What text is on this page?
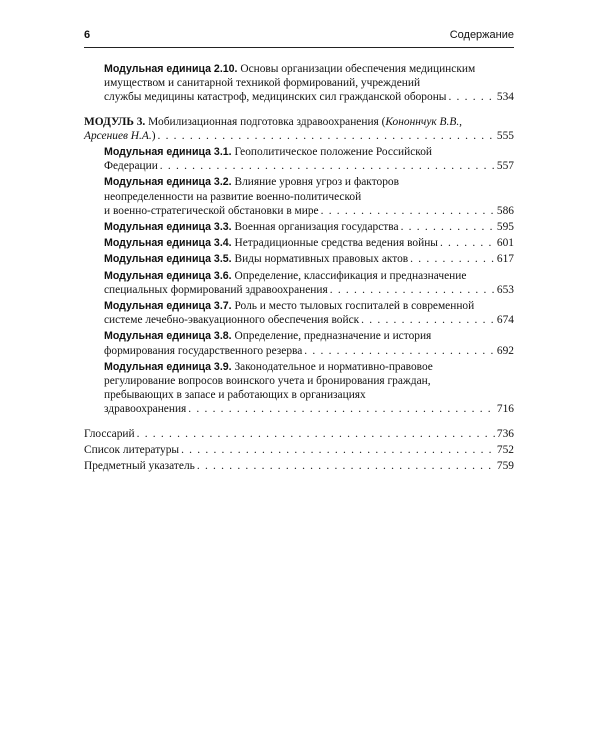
6	Содержание
Модульная единица 2.10. Основы организации обеспечения медицинским
имуществом и санитарной техникой формирований, учреждений
службы медицины катастроф, медицинских сил гражданской обороны . . .	534
МОДУЛЬ 3. Мобилизационная подготовка здравоохранения (Кононнчук В.В.,
Арсениев Н.А.) . . .	555
Модульная единица 3.1. Геополитическое положение Российской
Федерации . . .	557
Модульная единица 3.2. Влияние уровня угроз и факторов
неопределенности на развитие военно-политической
и военно-стратегической обстановки в мире . . .	586
Модульная единица 3.3. Военная организация государства . . .	595
Модульная единица 3.4. Нетрадиционные средства ведения войны . . .	601
Модульная единица 3.5. Виды нормативных правовых актов . . .	617
Модульная единица 3.6. Определение, классификация и предназначение
специальных формирований здравоохранения . . .	653
Модульная единица 3.7. Роль и место тыловых госпиталей в современной
системе лечебно-эвакуационного обеспечения войск . . .	674
Модульная единица 3.8. Определение, предназначение и история
формирования государственного резерва . . .	692
Модульная единица 3.9. Законодательное и нормативно-правовое
регулирование вопросов воинского учета и бронирования граждан,
пребывающих в запасе и работающих в организациях
здравоохранения . . .	716
Глоссарий . . .	736
Список литературы . . .	752
Предметный указатель . . .	759
